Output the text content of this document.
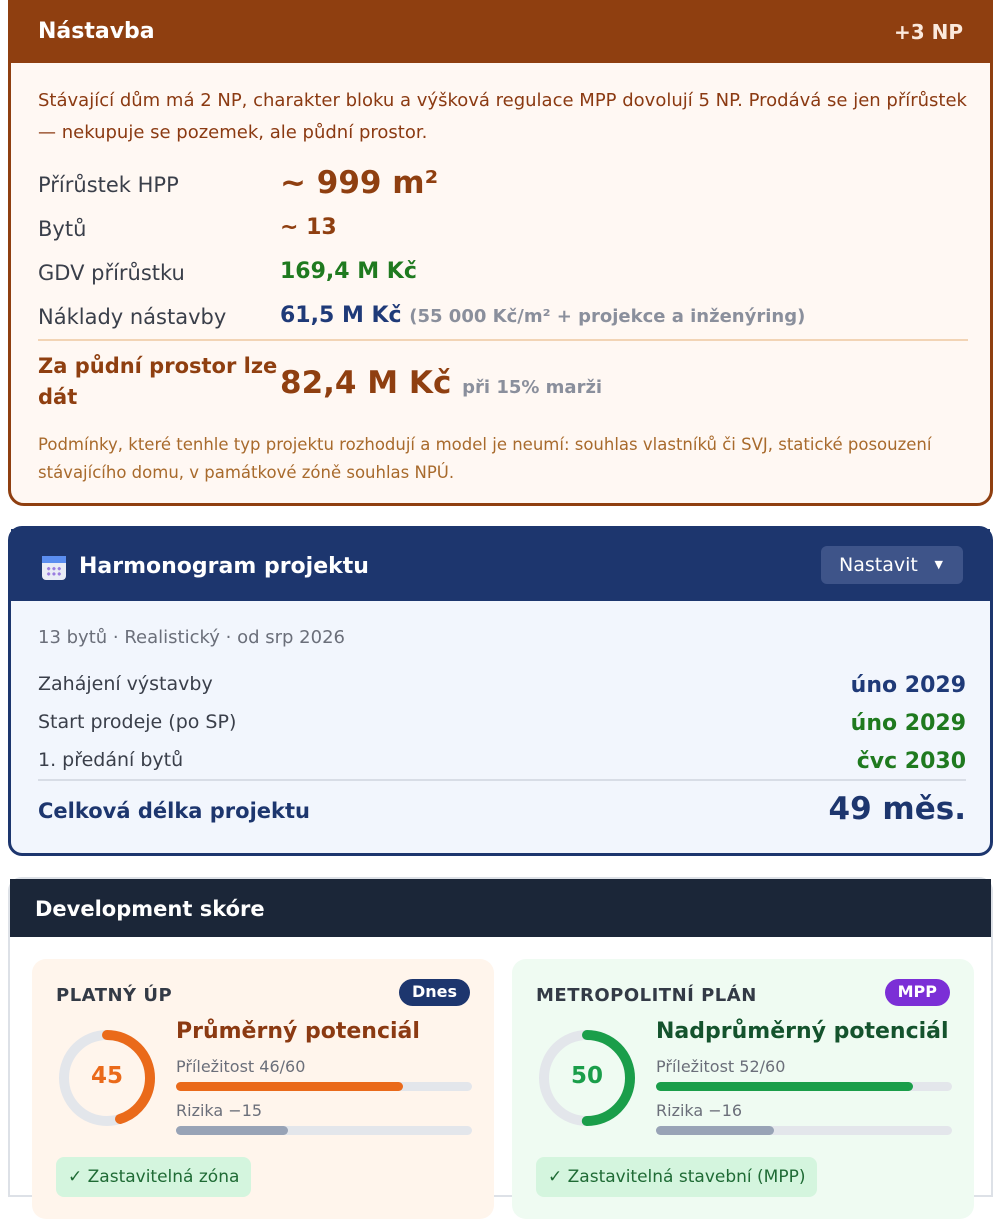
Nástavba	+3 NP
Stávající dům má 2 NP, charakter bloku a výšková regulace MPP dovolují 5 NP. Prodává se jen přírůstek — nekupuje se pozemek, ale půdní prostor.
Přírůstek HPP	~ 999 m²
Bytů	~ 13
GDV přírůstku	169,4 M Kč
Náklady nástavby 61,5 M Kč (55 000 Kč/m² + projekce a inženýring)
Za půdní prostor lze dát	82,4 M Kč při 15% marži
Podmínky, které tenhle typ projektu rozhodují a model je neumí: souhlas vlastníků či SVJ, statické posouzení stávajícího domu, v památkové zóně souhlas NPÚ.
Harmonogram projektu	Nastavit ▼
13 bytů · Realistický · od srp 2026
Zahájení výstavby	úno 2029
Start prodeje (po SP)	úno 2029
1. předání bytů	čvc 2030
Celková délka projektu	49 měs.
Development skóre
PLATNÝ ÚP	Dnes
45
Průměrný potenciál
Příležitost 46/60
Rizika −15
✓ Zastavitelná zóna
METROPOLITNÍ PLÁN	MPP
50
Nadprůměrný potenciál
Příležitost 52/60
Rizika −16
✓ Zastavitelná stavební (MPP)
